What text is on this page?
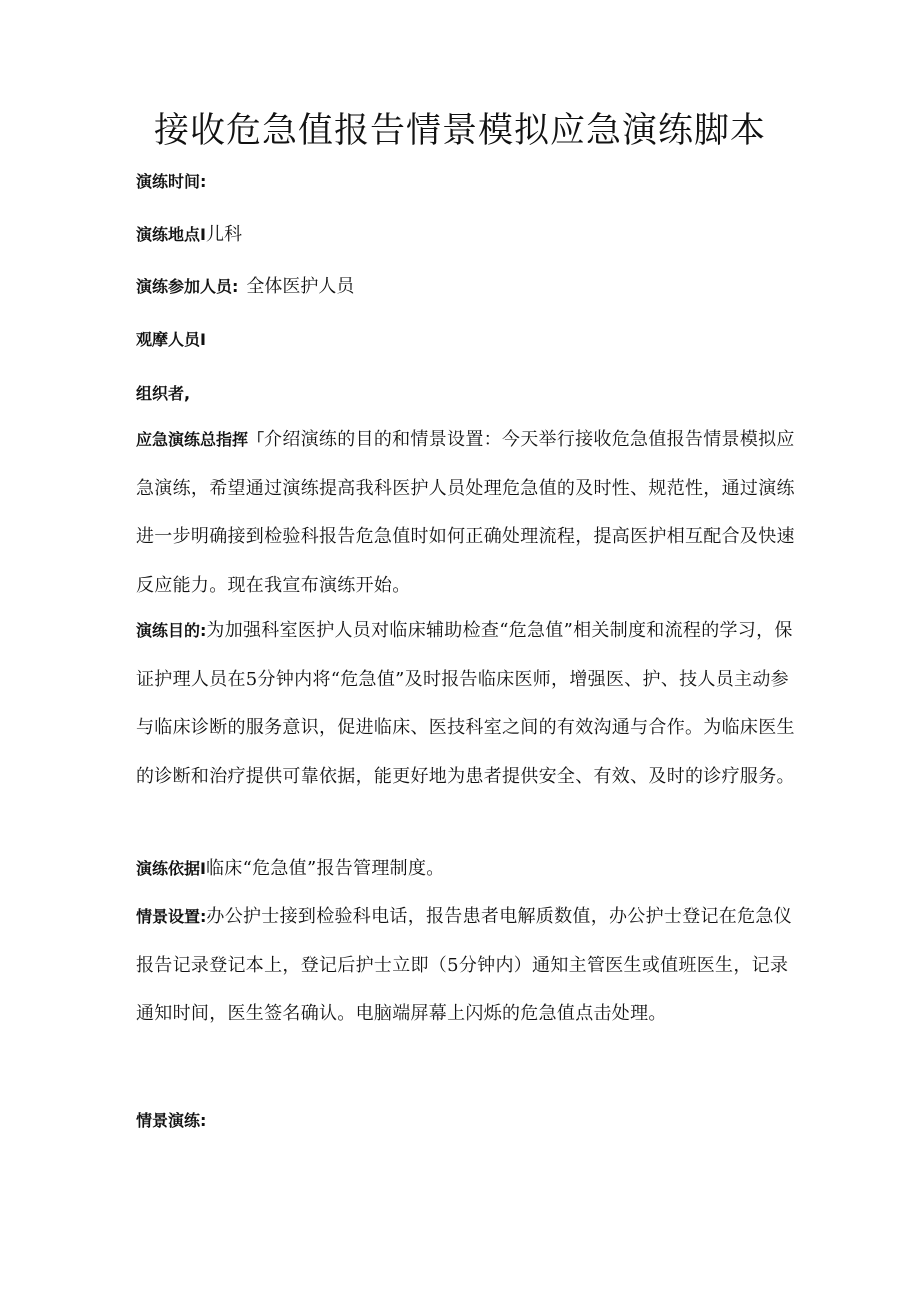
接收危急值报告情景模拟应急演练脚本
演练时间:
演练地点I儿科
演练参加人员: 全体医护人员
观摩人员I
组织者,

应急演练总指挥「介绍演练的目的和情景设置：今天举行接收危急值报告情景模拟应急演练，希望通过演练提高我科医护人员处理危急值的及时性、规范性，通过演练进一步明确接到检验科报告危急值时如何正确处理流程，提高医护相互配合及快速反应能力。现在我宣布演练开始。

演练目的:为加强科室医护人员对临床辅助检查“危急值”相关制度和流程的学习，保证护理人员在5分钟内将“危急值”及时报告临床医师，增强医、护、技人员主动参与临床诊断的服务意识，促进临床、医技科室之间的有效沟通与合作。为临床医生的诊断和治疗提供可靠依据，能更好地为患者提供安全、有效、及时的诊疗服务。

演练依据I临床“危急值”报告管理制度。

情景设置:办公护士接到检验科电话，报告患者电解质数值，办公护士登记在危急仪报告记录登记本上，登记后护士立即（5分钟内）通知主管医生或值班医生，记录通知时间，医生签名确认。电脑端屏幕上闪烁的危急值点击处理。

情景演练:
